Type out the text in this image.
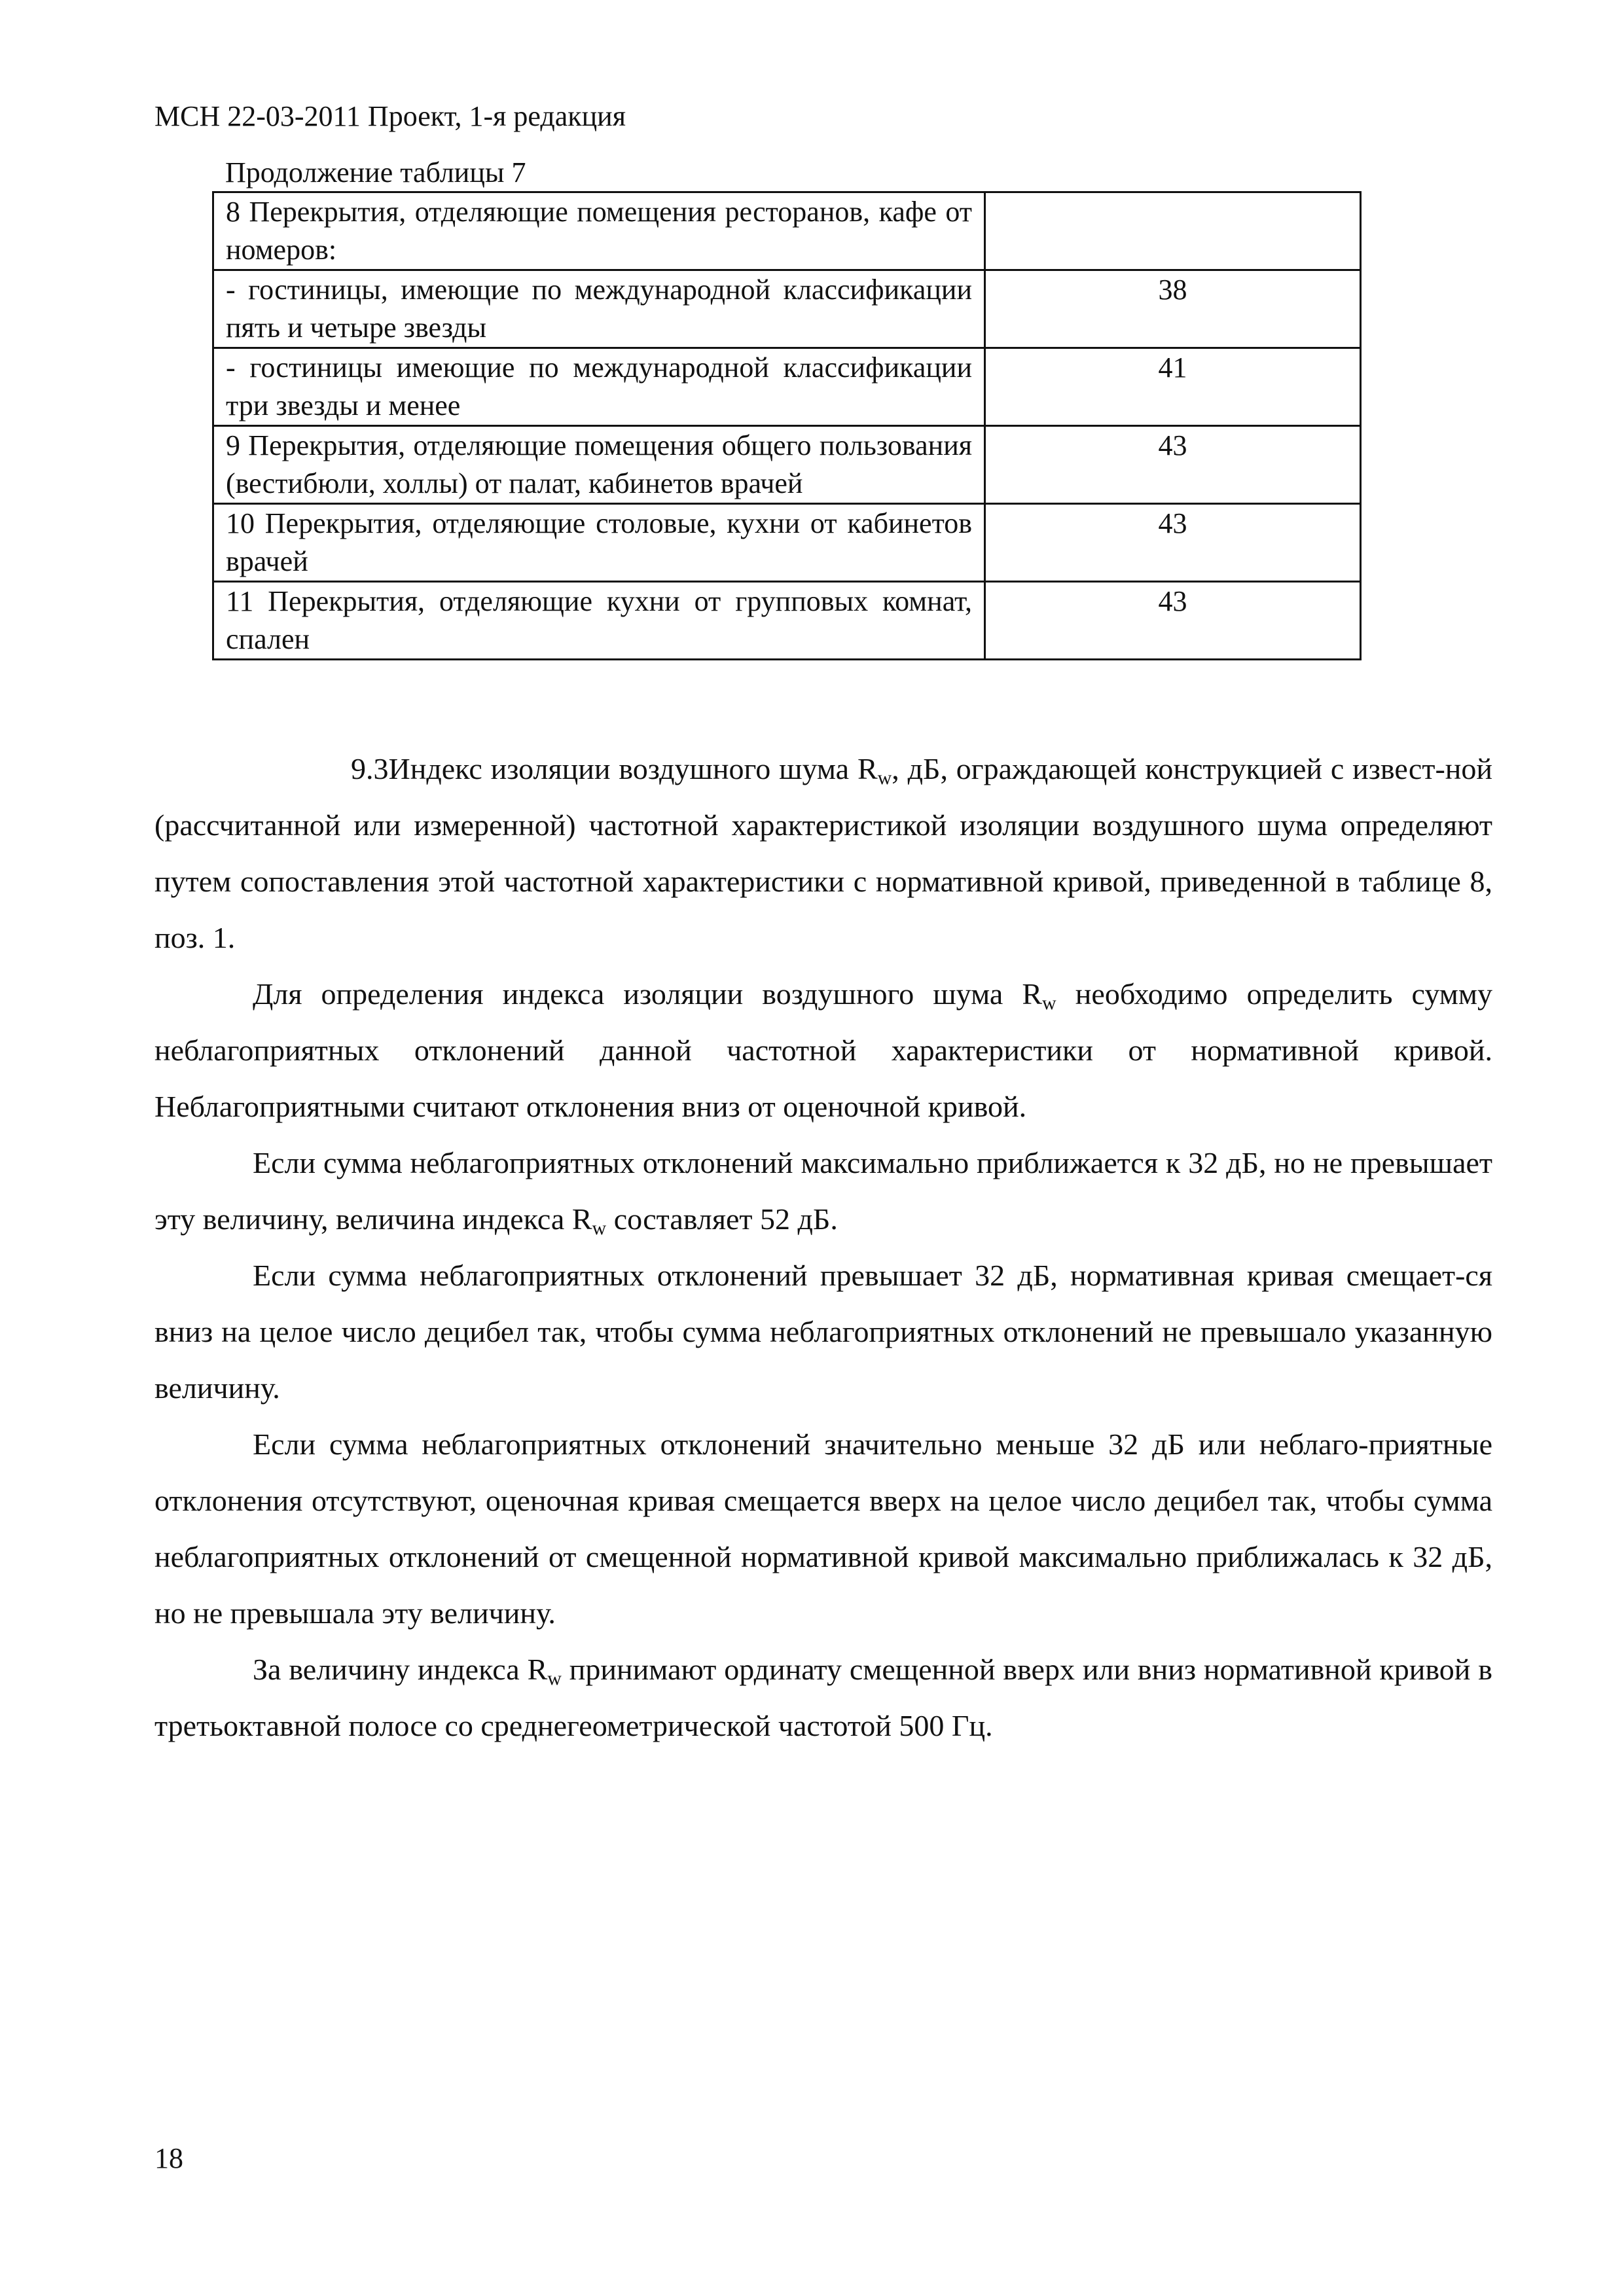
МСН 22-03-2011 Проект, 1-я редакция
Продолжение таблицы 7
8 Перекрытия, отделяющие помещения ресторанов, кафе от номеров:	
- гостиницы, имеющие по международной классификации пять и четыре звезды	38
- гостиницы имеющие по международной классификации три звезды и менее	41
9 Перекрытия, отделяющие помещения общего пользования (вестибюли, холлы) от палат, кабинетов врачей	43
10 Перекрытия, отделяющие столовые, кухни от кабинетов врачей	43
11 Перекрытия, отделяющие кухни от групповых комнат, спален	43

9.3Индекс изоляции воздушного шума $R_w$, дБ, ограждающей конструкцией с извест-ной (рассчитанной или измеренной) частотной характеристикой изоляции воздушного шума определяют путем сопоставления этой частотной характеристики с нормативной кривой, приведенной в таблице 8, поз. 1.

Для определения индекса изоляции воздушного шума $R_w$ необходимо определить сумму неблагоприятных отклонений данной частотной характеристики от нормативной кривой. Неблагоприятными считают отклонения вниз от оценочной кривой.

Если сумма неблагоприятных отклонений максимально приближается к 32 дБ, но не превышает эту величину, величина индекса $R_w$ составляет 52 дБ.

Если сумма неблагоприятных отклонений превышает 32 дБ, нормативная кривая смещает-ся вниз на целое число децибел так, чтобы сумма неблагоприятных отклонений не превышало указанную величину.

Если сумма неблагоприятных отклонений значительно меньше 32 дБ или неблаго-приятные отклонения отсутствуют, оценочная кривая смещается вверх на целое число децибел так, чтобы сумма неблагоприятных отклонений от смещенной нормативной кривой максимально приближалась к 32 дБ, но не превышала эту величину.

За величину индекса $R_w$ принимают ординату смещенной вверх или вниз нормативной кривой в третьоктавной полосе со среднегеометрической частотой 500 Гц.

18
